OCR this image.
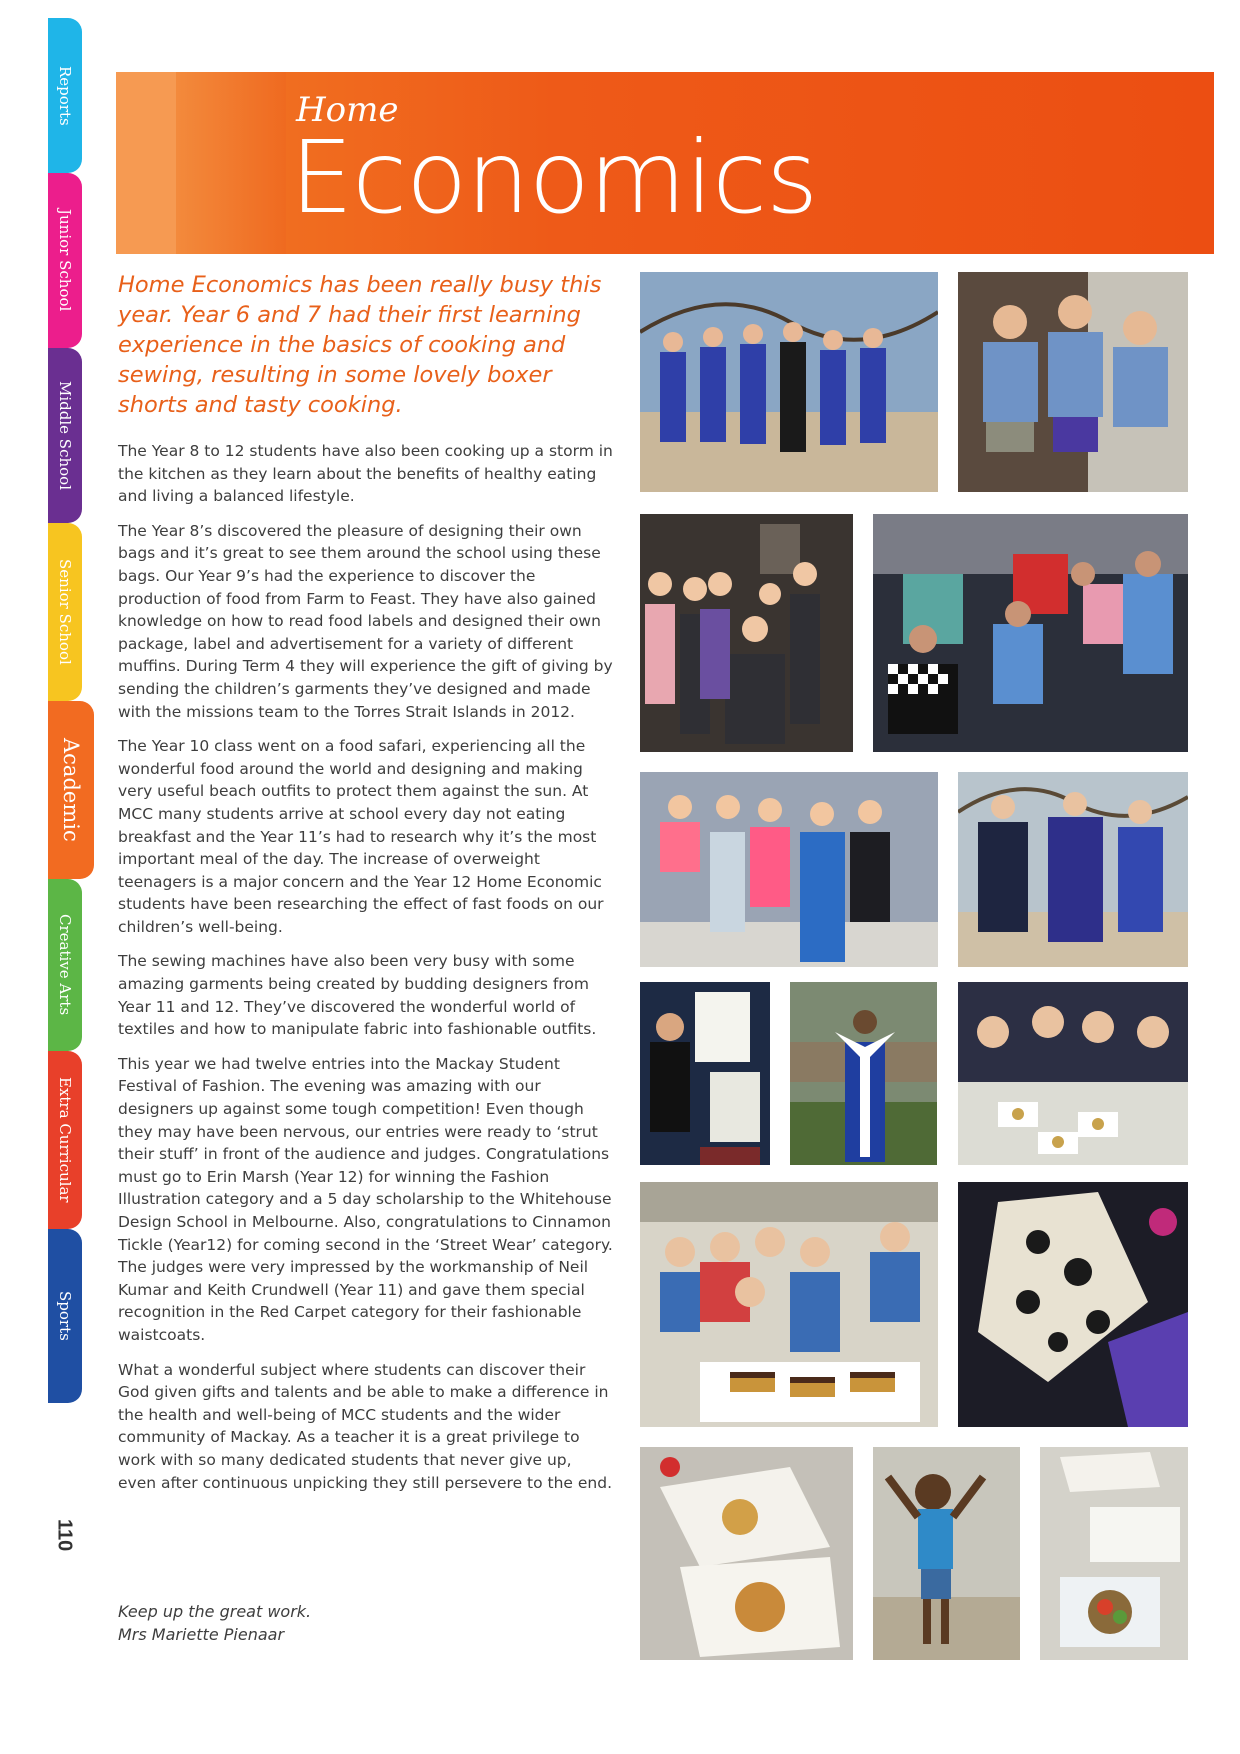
Reports
Junior School
Middle School
Senior School
Academic
Creative Arts
Extra Curricular
Sports
110
Home
Economics
Home Economics has been really busy this year. Year 6 and 7 had their first learning experience in the basics of cooking and sewing, resulting in some lovely boxer shorts and tasty cooking.

The Year 8 to 12 students have also been cooking up a storm in the kitchen as they learn about the benefits of healthy eating and living a balanced lifestyle.

The Year 8’s discovered the pleasure of designing their own bags and it’s great to see them around the school using these bags. Our Year 9’s had the experience to discover the production of food from Farm to Feast. They have also gained knowledge on how to read food labels and designed their own package, label and advertisement for a variety of different muffins. During Term 4 they will experience the gift of giving by sending the children’s garments they’ve designed and made with the missions team to the Torres Strait Islands in 2012.

The Year 10 class went on a food safari, experiencing all the wonderful food around the world and designing and making very useful beach outfits to protect them against the sun. At MCC many students arrive at school every day not eating breakfast and the Year 11’s had to research why it’s the most important meal of the day. The increase of overweight teenagers is a major concern and the Year 12 Home Economic students have been researching the effect of fast foods on our children’s well-being.

The sewing machines have also been very busy with some amazing garments being created by budding designers from Year 11 and 12. They’ve discovered the wonderful world of textiles and how to manipulate fabric into fashionable outfits.

This year we had twelve entries into the Mackay Student Festival of Fashion. The evening was amazing with our designers up against some tough competition! Even though they may have been nervous, our entries were ready to ‘strut their stuff’ in front of the audience and judges. Congratulations must go to Erin Marsh (Year 12) for winning the Fashion Illustration category and a 5 day scholarship to the Whitehouse Design School in Melbourne. Also, congratulations to Cinnamon Tickle (Year12) for coming second in the ‘Street Wear’ category. The judges were very impressed by the workmanship of Neil Kumar and Keith Crundwell (Year 11) and gave them special recognition in the Red Carpet category for their fashionable waistcoats.

What a wonderful subject where students can discover their God given gifts and talents and be able to make a difference in the health and well-being of MCC students and the wider community of Mackay. As a teacher it is a great privilege to work with so many dedicated students that never give up, even after continuous unpicking they still persevere to the end.

Keep up the great work.
Mrs Mariette Pienaar
